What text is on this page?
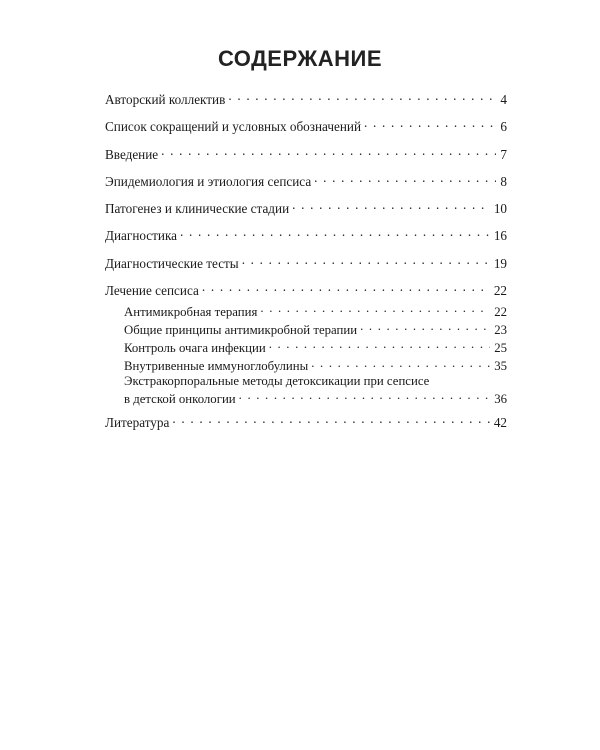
СОДЕРЖАНИЕ
Авторский коллектив . . .	4
Список сокращений и условных обозначений . . .	6
Введение . . .	7
Эпидемиология и этиология сепсиса . . .	8
Патогенез и клинические стадии . . .	10
Диагностика . . .	16
Диагностические тесты . . .	19
Лечение сепсиса . . .	22
Антимикробная терапия . . .	22
Общие принципы антимикробной терапии . . .	23
Контроль очага инфекции . . .	25
Внутривенные иммуноглобулины . . .	35
Экстракорпоральные методы детоксикации при сепсисе
в детской онкологии . . .	36
Литература . . .	42
